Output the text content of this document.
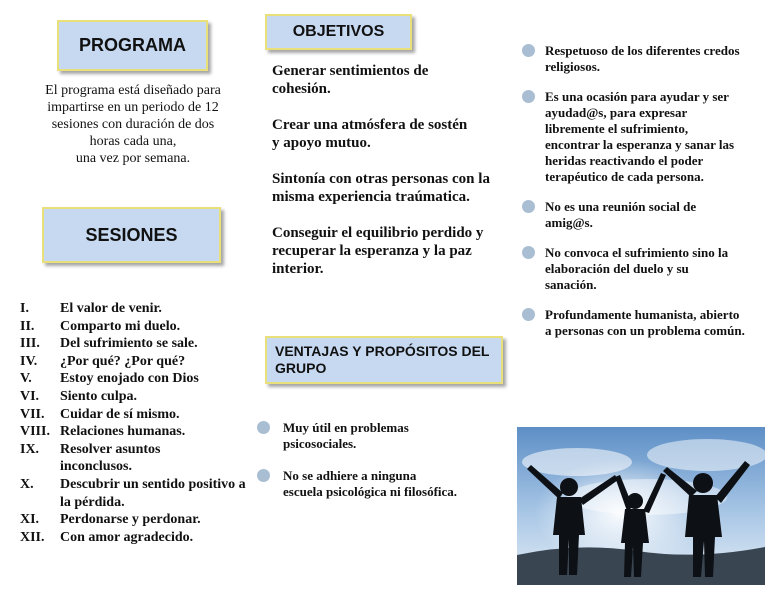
PROGRAMA
El programa está diseñado para
impartirse en un periodo de 12
sesiones con duración de dos
horas cada una,
una vez por semana.
SESIONES
I.	El valor de venir.
II.	Comparto mi duelo.
III.	Del sufrimiento se sale.
IV.	¿Por qué? ¿Por qué?
V.	Estoy enojado con Dios
VI.	Siento culpa.
VII.	Cuidar de sí mismo.
VIII. Relaciones humanas.
IX.	Resolver asuntos inconclusos.
X.	Descubrir un sentido positivo a la pérdida.
XI.	Perdonarse y perdonar.
XII.	Con amor agradecido.
OBJETIVOS

Generar sentimientos de cohesión.

Crear una atmósfera de sostén y apoyo mutuo.

Sintonía con otras personas con la misma experiencia traúmatica.

Conseguir el equilibrio perdido y recuperar la esperanza y la paz interior.

VENTAJAS Y PROPÓSITOS DEL GRUPO
Muy útil en problemas psicosociales.
No se adhiere a ninguna escuela psicológica ni filosófica.
Respetuoso de los diferentes credos religiosos.
Es una ocasión para ayudar y ser ayudad@s, para expresar libremente el sufrimiento, encontrar la esperanza y sanar las heridas reactivando el poder terapéutico de cada persona.
No es una reunión social de amig@s.
No convoca el sufrimiento sino la elaboración del duelo y su sanación.
Profundamente humanista, abierto a personas con un problema común.
